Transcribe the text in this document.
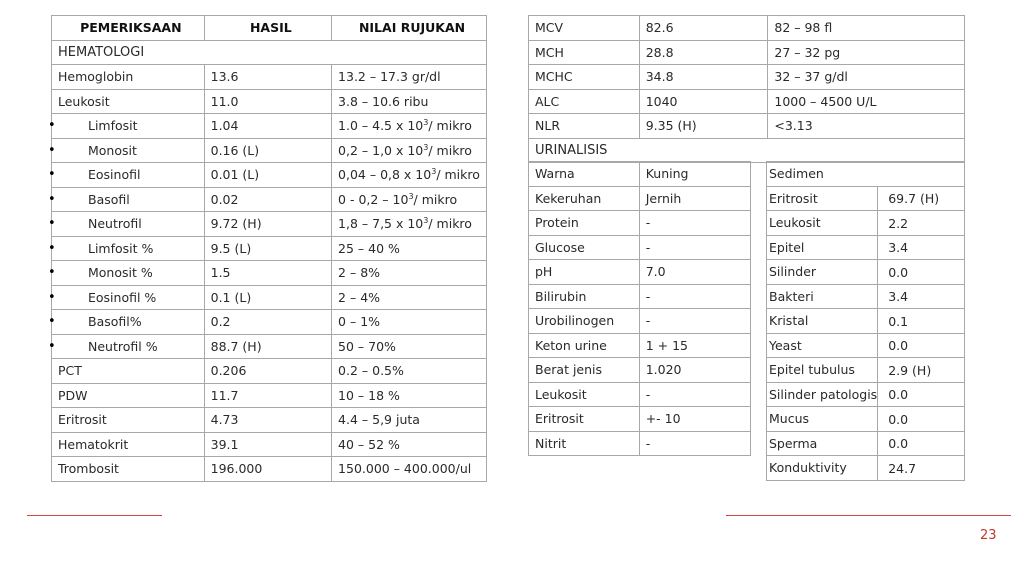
PEMERIKSAAN	HASIL	NILAI RUJUKAN
HEMATOLOGI		
Hemoglobin	13.6	13.2 – 17.3 gr/dl
Leukosit	11.0	3.8 – 10.6 ribu
• Limfosit	1.04	1.0 – 4.5 x $10^3/$ mikro
• Monosit	0.16 (L)	0,2 – 1,0 x $10^3/$ mikro
• Eosinofil	0.01 (L)	0,04 – 0,8 x $10^3/$ mikro
• Basofil	0.02	$0 - 0,2 - 10^3/$ mikro
• Neutrofil	9.72 (H)	1,8 – 7,5 x $10^3/$ mikro
• Limfosit %	9.5 (L)	25 – 40 %
• Monosit %	1.5	2 – 8%
• Eosinofil %	0.1 (L)	2 – 4%
• Basofil%	0.2	0 – 1%
• Neutrofil %	88.7 (H)	50 – 70%
PCT	0.206	0.2 – 0.5%
PDW	11.7	10 – 18 %
Eritrosit	4.73	4.4 – 5,9 juta
Hematokrit	39.1	40 – 52 %
Trombosit	196.000	150.000 – 400.000/ul
MCV	82.6	82 – 98 fl
MCH	28.8	27 – 32 pg
MCHC	34.8	32 – 37 g/dl
ALC	1040	1000 – 4500 U/L
NLR	9.35 (H)	<3.13
URINALISIS		
Warna	Kuning
Kekeruhan	Jernih
Protein	-
Glucose	-
pH	7.0
Bilirubin	-
Urobilinogen	-
Keton urine	1 + 15
Berat jenis	1.020
Leukosit	-
Eritrosit	+- 10
Nitrit	-
Sedimen	
Eritrosit	69.7 (H)
Leukosit	2.2
Epitel	3.4
Silinder	0.0
Bakteri	3.4
Kristal	0.1
Yeast	0.0
Epitel tubulus	2.9 (H)
Silinder patologis	0.0
Mucus	0.0
Sperma	0.0
Konduktivity	24.7
23
